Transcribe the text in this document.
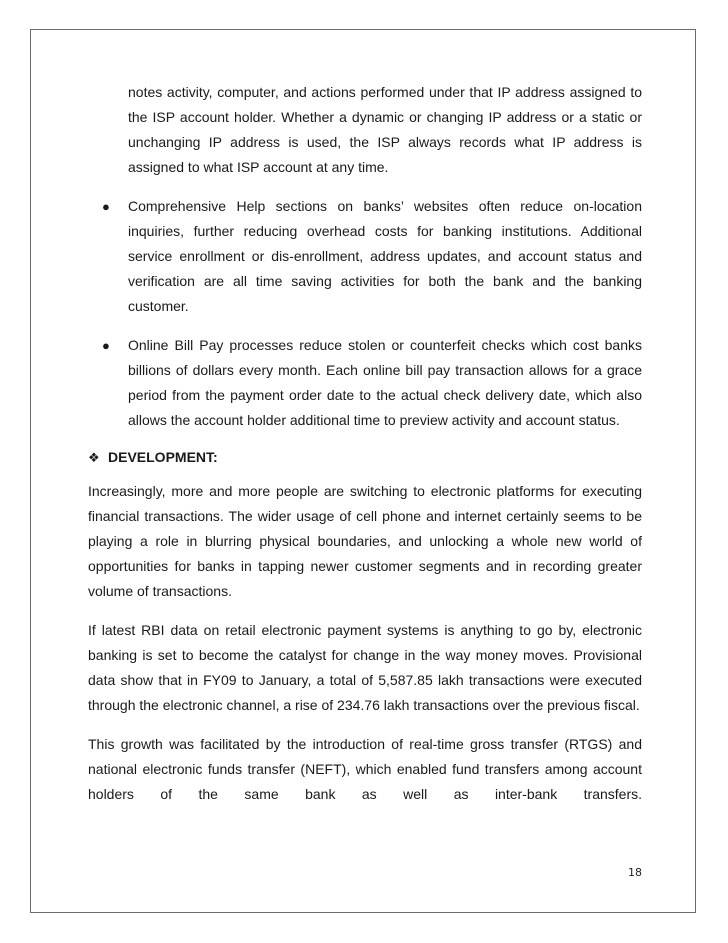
notes activity, computer, and actions performed under that IP address assigned to the ISP account holder. Whether a dynamic or changing IP address or a static or unchanging IP address is used, the ISP always records what IP address is assigned to what ISP account at any time.

● Comprehensive Help sections on banks’ websites often reduce on-location inquiries, further reducing overhead costs for banking institutions. Additional service enrollment or dis-enrollment, address updates, and account status and verification are all time saving activities for both the bank and the banking customer.

● Online Bill Pay processes reduce stolen or counterfeit checks which cost banks billions of dollars every month. Each online bill pay transaction allows for a grace period from the payment order date to the actual check delivery date, which also allows the account holder additional time to preview activity and account status.

❖ DEVELOPMENT:

Increasingly, more and more people are switching to electronic platforms for executing financial transactions. The wider usage of cell phone and internet certainly seems to be playing a role in blurring physical boundaries, and unlocking a whole new world of opportunities for banks in tapping newer customer segments and in recording greater volume of transactions.

If latest RBI data on retail electronic payment systems is anything to go by, electronic banking is set to become the catalyst for change in the way money moves. Provisional data show that in FY09 to January, a total of 5,587.85 lakh transactions were executed through the electronic channel, a rise of 234.76 lakh transactions over the previous fiscal.

This growth was facilitated by the introduction of real-time gross transfer (RTGS) and national electronic funds transfer (NEFT), which enabled fund transfers among account holders of the same bank as well as inter-bank transfers.

18
